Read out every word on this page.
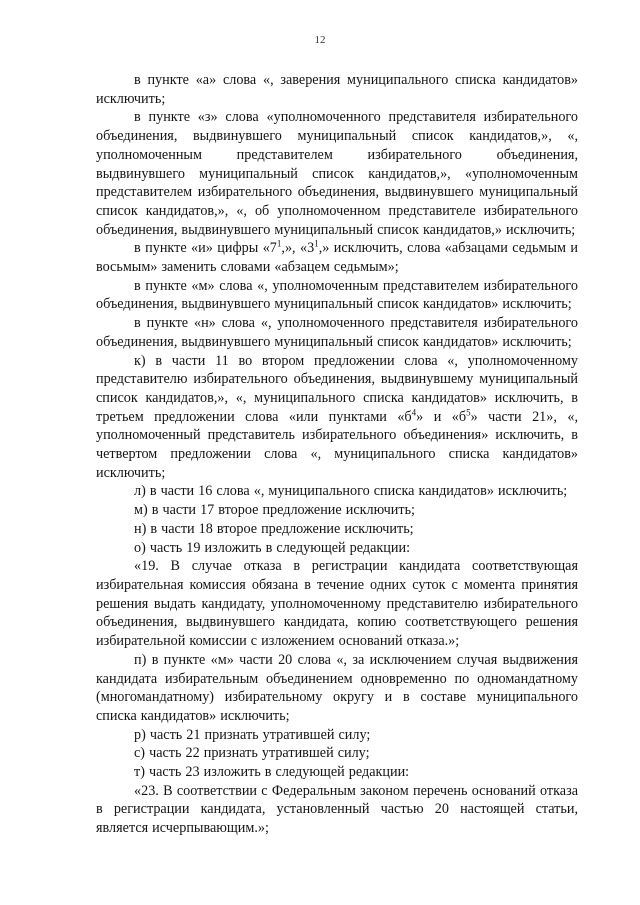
12

в пункте «а» слова «, заверения муниципального списка кандидатов» исключить;

в пункте «з» слова «уполномоченного представителя избирательного объединения, выдвинувшего муниципальный список кандидатов,», «, уполномоченным представителем избирательного объединения, выдвинувшего муниципальный список кандидатов,», «уполномоченным представителем избирательного объединения, выдвинувшего муниципальный список кандидатов,», «, об уполномоченном представителе избирательного объединения, выдвинувшего муниципальный список кандидатов,» исключить;

в пункте «и» цифры «$7^1$,», «$3^1$,» исключить, слова «абзацами седьмым и восьмым» заменить словами «абзацем седьмым»;

в пункте «м» слова «, уполномоченным представителем избирательного объединения, выдвинувшего муниципальный список кандидатов» исключить;

в пункте «н» слова «, уполномоченного представителя избирательного объединения, выдвинувшего муниципальный список кандидатов» исключить;

к) в части 11 во втором предложении слова «, уполномоченному представителю избирательного объединения, выдвинувшему муниципальный список кандидатов,», «, муниципального списка кандидатов» исключить, в третьем предложении слова «или пунктами «$б^4$» и «$б^5$» части 21», «, уполномоченный представитель избирательного объединения» исключить, в четвертом предложении слова «, муниципального списка кандидатов» исключить;

л) в части 16 слова «, муниципального списка кандидатов» исключить;

м) в части 17 второе предложение исключить;

н) в части 18 второе предложение исключить;

о) часть 19 изложить в следующей редакции:

«19. В случае отказа в регистрации кандидата соответствующая избирательная комиссия обязана в течение одних суток с момента принятия решения выдать кандидату, уполномоченному представителю избирательного объединения, выдвинувшего кандидата, копию соответствующего решения избирательной комиссии с изложением оснований отказа.»;

п) в пункте «м» части 20 слова «, за исключением случая выдвижения кандидата избирательным объединением одновременно по одномандатному (многомандатному) избирательному округу и в составе муниципального списка кандидатов» исключить;

р) часть 21 признать утратившей силу;

с) часть 22 признать утратившей силу;

т) часть 23 изложить в следующей редакции:

«23. В соответствии с Федеральным законом перечень оснований отказа в регистрации кандидата, установленный частью 20 настоящей статьи, является исчерпывающим.»;
